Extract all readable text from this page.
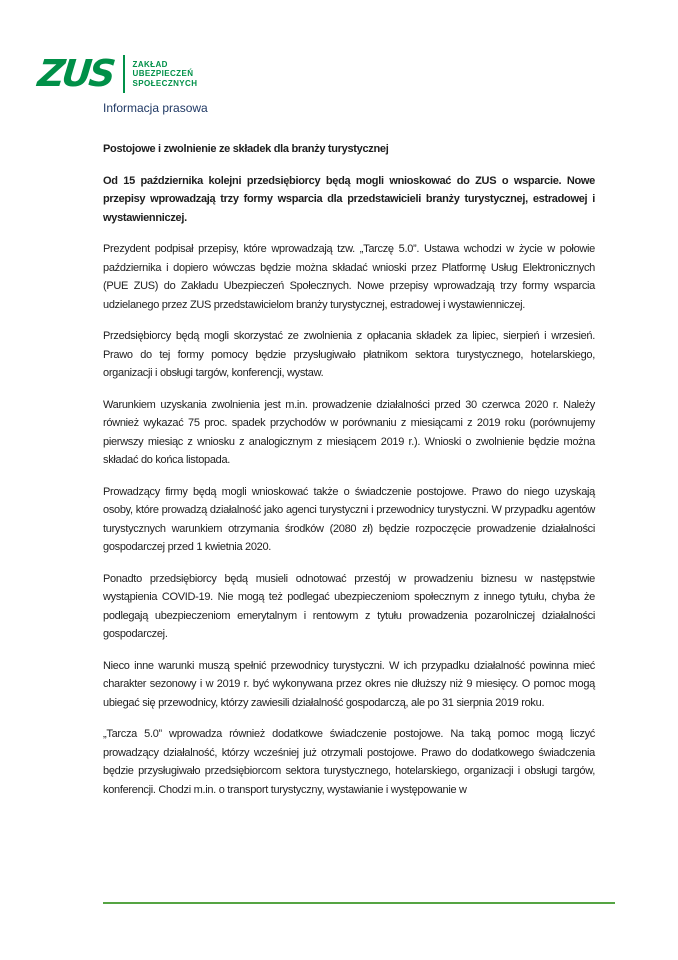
ZUS	ZAKŁAD
UBEZPIECZEŃ
SPOŁECZNYCH
Informacja prasowa

Postojowe i zwolnienie ze składek dla branży turystycznej

Od 15 października kolejni przedsiębiorcy będą mogli wnioskować do ZUS o wsparcie. Nowe przepisy wprowadzają trzy formy wsparcia dla przedstawicieli branży turystycznej, estradowej i wystawienniczej.

Prezydent podpisał przepisy, które wprowadzają tzw. „Tarczę 5.0”. Ustawa wchodzi w życie w połowie października i dopiero wówczas będzie można składać wnioski przez Platformę Usług Elektronicznych (PUE ZUS) do Zakładu Ubezpieczeń Społecznych. Nowe przepisy wprowadzają trzy formy wsparcia udzielanego przez ZUS przedstawicielom branży turystycznej, estradowej i wystawienniczej.

Przedsiębiorcy będą mogli skorzystać ze zwolnienia z opłacania składek za lipiec, sierpień i wrzesień. Prawo do tej formy pomocy będzie przysługiwało płatnikom sektora turystycznego, hotelarskiego, organizacji i obsługi targów, konferencji, wystaw.

Warunkiem uzyskania zwolnienia jest m.in. prowadzenie działalności przed 30 czerwca 2020 r. Należy również wykazać 75 proc. spadek przychodów w porównaniu z miesiącami z 2019 roku (porównujemy pierwszy miesiąc z wniosku z analogicznym z miesiącem 2019 r.). Wnioski o zwolnienie będzie można składać do końca listopada.

Prowadzący firmy będą mogli wnioskować także o świadczenie postojowe. Prawo do niego uzyskają osoby, które prowadzą działalność jako agenci turystyczni i przewodnicy turystyczni. W przypadku agentów turystycznych warunkiem otrzymania środków (2080 zł) będzie rozpoczęcie prowadzenie działalności gospodarczej przed 1 kwietnia 2020.

Ponadto przedsiębiorcy będą musieli odnotować przestój w prowadzeniu biznesu w następstwie wystąpienia COVID-19. Nie mogą też podlegać ubezpieczeniom społecznym z innego tytułu, chyba że podlegają ubezpieczeniom emerytalnym i rentowym z tytułu prowadzenia pozarolniczej działalności gospodarczej.

Nieco inne warunki muszą spełnić przewodnicy turystyczni. W ich przypadku działalność powinna mieć charakter sezonowy i w 2019 r. być wykonywana przez okres nie dłuższy niż 9 miesięcy. O pomoc mogą ubiegać się przewodnicy, którzy zawiesili działalność gospodarczą, ale po 31 sierpnia 2019 roku.

„Tarcza 5.0” wprowadza również dodatkowe świadczenie postojowe. Na taką pomoc mogą liczyć prowadzący działalność, którzy wcześniej już otrzymali postojowe. Prawo do dodatkowego świadczenia będzie przysługiwało przedsiębiorcom sektora turystycznego, hotelarskiego, organizacji i obsługi targów, konferencji. Chodzi m.in. o transport turystyczny, wystawianie i występowanie w
